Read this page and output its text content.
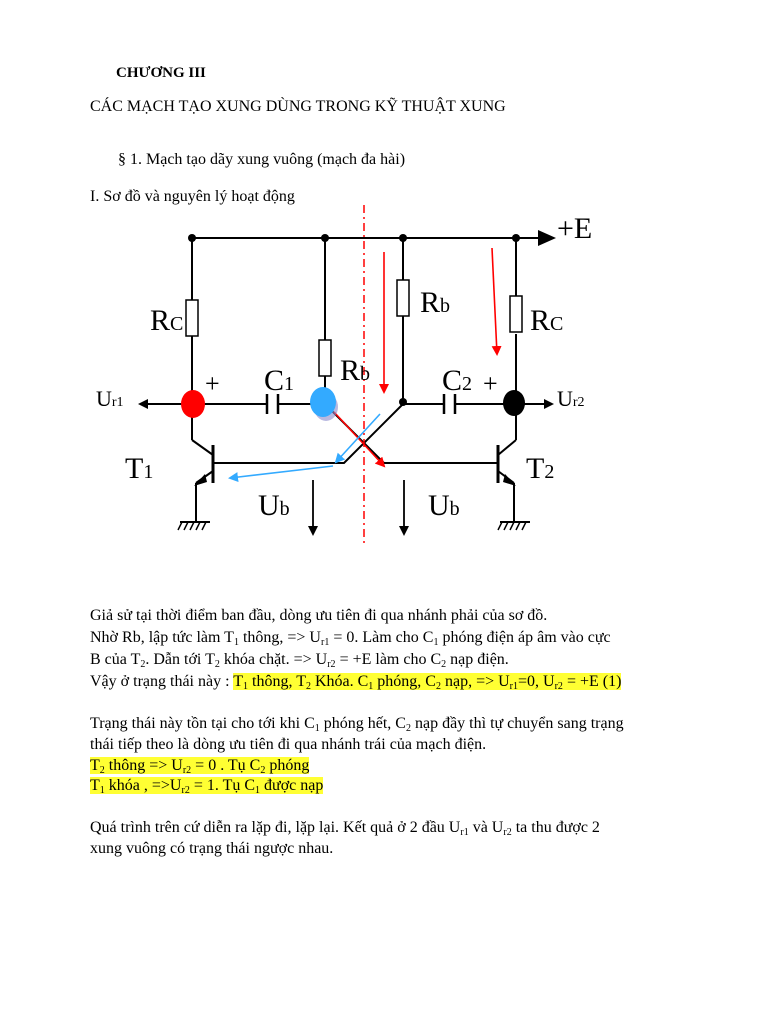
CHƯƠNG III
CÁC MẠCH TẠO XUNG DÙNG TRONG KỸ THUẬT XUNG
§ 1. Mạch tạo dãy xung vuông (mạch đa hài)
I. Sơ đồ và nguyên lý hoạt động
+E
RC	RC
Rb
Rb
C1	C2
+	+
Ur1	Ur2
T1	T2
Ub	Ub
Giả sử tại thời điểm ban đầu, dòng ưu tiên đi qua nhánh phải của sơ đồ.
Nhờ Rb, lập tức làm $T_1$ thông, => $U_{r1} = 0$. Làm cho $C_1$ phóng điện áp âm vào cực
B của $T_2$. Dẫn tới $T_2$ khóa chặt. => $U_{r2} = +E$ làm cho $C_2$ nạp điện.
Vậy ở trạng thái này : $T_1$ thông, $T_2$ Khóa. $C_1$ phóng, $C_2$ nạp, => $U_{r1}=0$, $U_{r2} = +E$ (1)
Trạng thái này tồn tại cho tới khi $C_1$ phóng hết, $C_2$ nạp đầy thì tự chuyển sang trạng
thái tiếp theo là dòng ưu tiên đi qua nhánh trái của mạch điện.
$T_2$ thông => $U_{r2} = 0$ . Tụ $C_2$ phóng
$T_1$ khóa , $=>U_{r2} = 1$. Tụ $C_1$ được nạp
Quá trình trên cứ diễn ra lặp đi, lặp lại. Kết quả ở 2 đầu $U_{r1}$ và $U_{r2}$ ta thu được 2
xung vuông có trạng thái ngược nhau.
